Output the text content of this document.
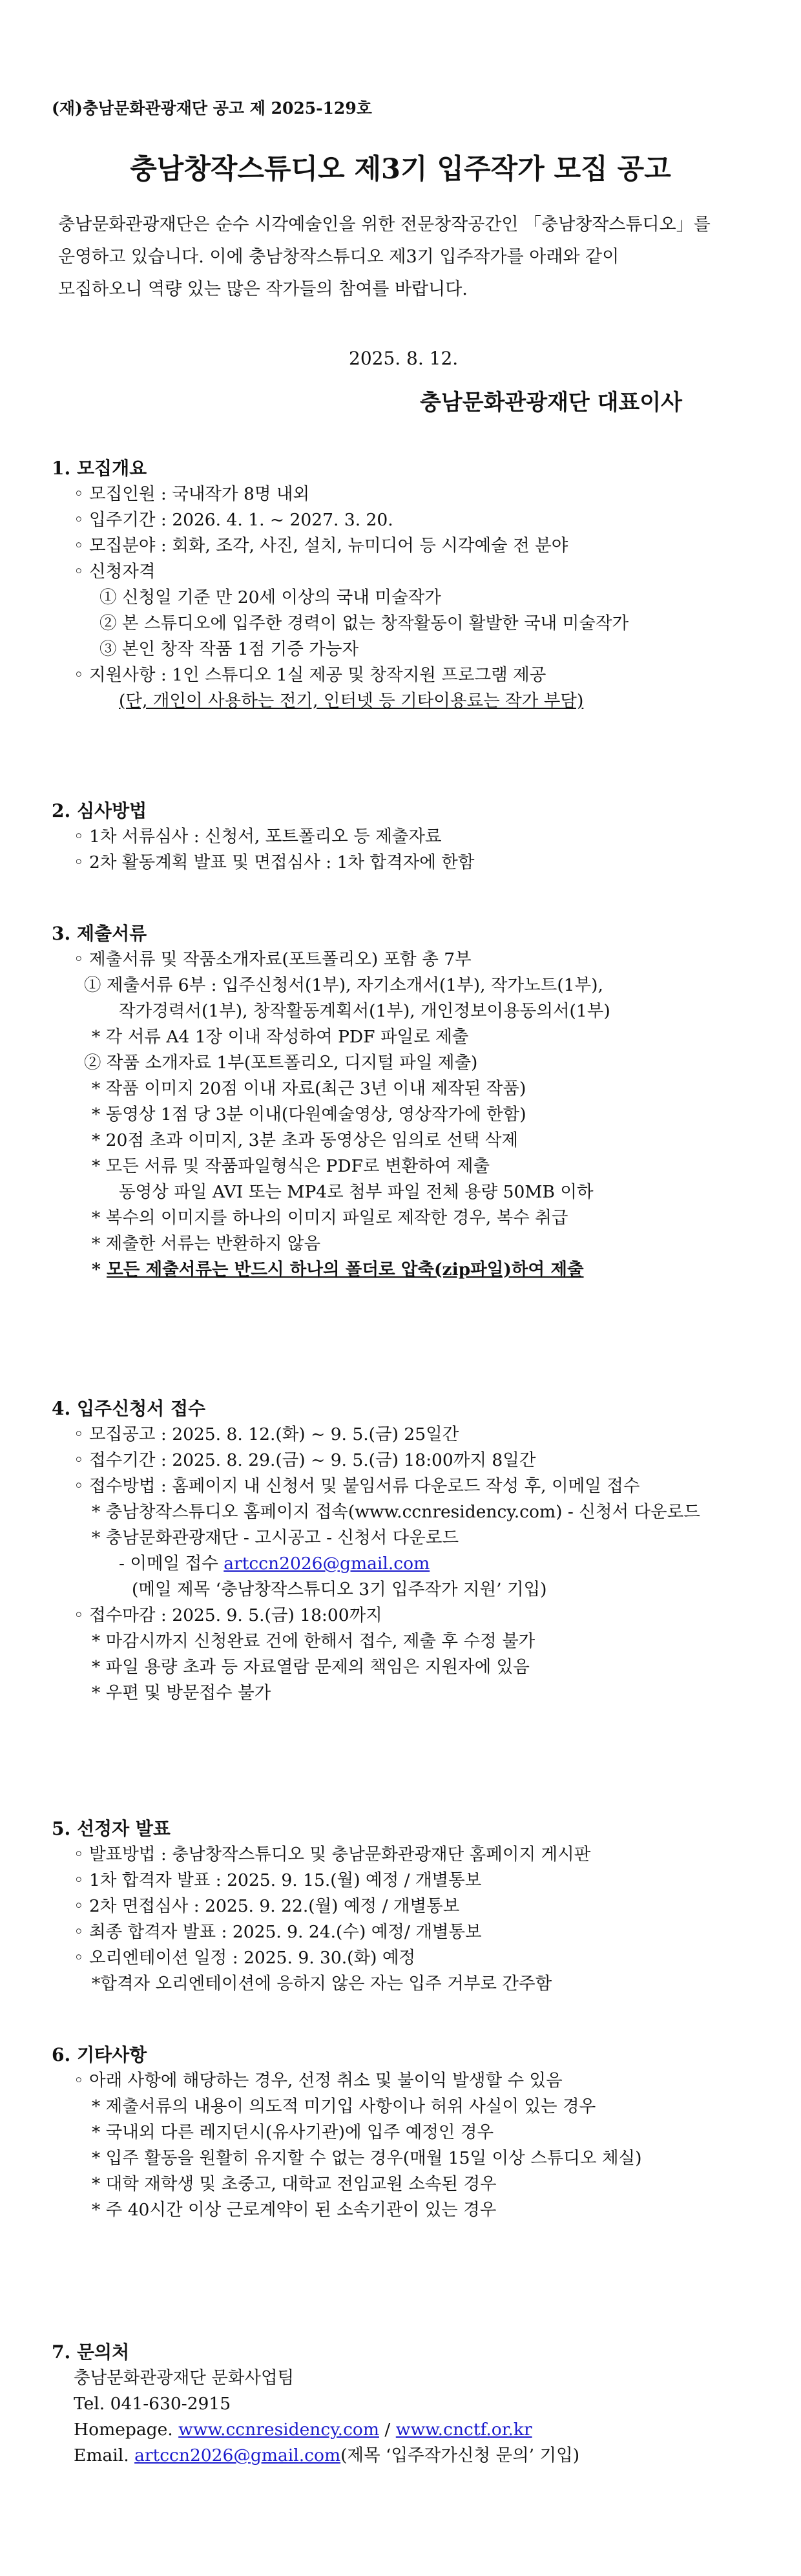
(재)충남문화관광재단 공고 제 2025-129호
충남창작스튜디오 제3기 입주작가 모집 공고
충남문화관광재단은 순수 시각예술인을 위한 전문창작공간인 「충남창작스튜디오」를
운영하고 있습니다. 이에 충남창작스튜디오 제3기 입주작가를 아래와 같이
모집하오니 역량 있는 많은 작가들의 참여를 바랍니다.
2025. 8. 12.
충남문화관광재단 대표이사
1. 모집개요
◦ 모집인원 : 국내작가 8명 내외
◦ 입주기간 : 2026. 4. 1. ~ 2027. 3. 20.
◦ 모집분야 : 회화, 조각, 사진, 설치, 뉴미디어 등 시각예술 전 분야
◦ 신청자격
① 신청일 기준 만 20세 이상의 국내 미술작가
② 본 스튜디오에 입주한 경력이 없는 창작활동이 활발한 국내 미술작가
③ 본인 창작 작품 1점 기증 가능자
◦ 지원사항 : 1인 스튜디오 1실 제공 및 창작지원 프로그램 제공
(단, 개인이 사용하는 전기, 인터넷 등 기타이용료는 작가 부담)
2. 심사방법
◦ 1차 서류심사 : 신청서, 포트폴리오 등 제출자료
◦ 2차 활동계획 발표 및 면접심사 : 1차 합격자에 한함
3. 제출서류
◦ 제출서류 및 작품소개자료(포트폴리오) 포함 총 7부
① 제출서류 6부 : 입주신청서(1부), 자기소개서(1부), 작가노트(1부),
작가경력서(1부), 창작활동계획서(1부), 개인정보이용동의서(1부)
* 각 서류 A4 1장 이내 작성하여 PDF 파일로 제출
② 작품 소개자료 1부(포트폴리오, 디지털 파일 제출)
* 작품 이미지 20점 이내 자료(최근 3년 이내 제작된 작품)
* 동영상 1점 당 3분 이내(다원예술영상, 영상작가에 한함)
* 20점 초과 이미지, 3분 초과 동영상은 임의로 선택 삭제
* 모든 서류 및 작품파일형식은 PDF로 변환하여 제출
동영상 파일 AVI 또는 MP4로 첨부 파일 전체 용량 50MB 이하
* 복수의 이미지를 하나의 이미지 파일로 제작한 경우, 복수 취급
* 제출한 서류는 반환하지 않음
* 모든 제출서류는 반드시 하나의 폴더로 압축(zip파일)하여 제출
4. 입주신청서 접수
◦ 모집공고 : 2025. 8. 12.(화) ~ 9. 5.(금) 25일간
◦ 접수기간 : 2025. 8. 29.(금) ~ 9. 5.(금) 18:00까지 8일간
◦ 접수방법 : 홈페이지 내 신청서 및 붙임서류 다운로드 작성 후, 이메일 접수
* 충남창작스튜디오 홈페이지 접속(www.ccnresidency.com) - 신청서 다운로드
* 충남문화관광재단 - 고시공고 - 신청서 다운로드
- 이메일 접수 artccn2026@gmail.com
(메일 제목 ‘충남창작스튜디오 3기 입주작가 지원’ 기입)
◦ 접수마감 : 2025. 9. 5.(금) 18:00까지
* 마감시까지 신청완료 건에 한해서 접수, 제출 후 수정 불가
* 파일 용량 초과 등 자료열람 문제의 책임은 지원자에 있음
* 우편 및 방문접수 불가
5. 선정자 발표
◦ 발표방법 : 충남창작스튜디오 및 충남문화관광재단 홈페이지 게시판
◦ 1차 합격자 발표 : 2025. 9. 15.(월) 예정 / 개별통보
◦ 2차 면접심사 : 2025. 9. 22.(월) 예정 / 개별통보
◦ 최종 합격자 발표 : 2025. 9. 24.(수) 예정/ 개별통보
◦ 오리엔테이션 일정 : 2025. 9. 30.(화) 예정
*합격자 오리엔테이션에 응하지 않은 자는 입주 거부로 간주함
6. 기타사항
◦ 아래 사항에 해당하는 경우, 선정 취소 및 불이익 발생할 수 있음
* 제출서류의 내용이 의도적 미기입 사항이나 허위 사실이 있는 경우
* 국내외 다른 레지던시(유사기관)에 입주 예정인 경우
* 입주 활동을 원활히 유지할 수 없는 경우(매월 15일 이상 스튜디오 체실)
* 대학 재학생 및 초중고, 대학교 전임교원 소속된 경우
* 주 40시간 이상 근로계약이 된 소속기관이 있는 경우
7. 문의처
충남문화관광재단 문화사업팀
Tel. 041-630-2915
Homepage. www.ccnresidency.com / www.cnctf.or.kr
Email. artccn2026@gmail.com(제목 ‘입주작가신청 문의’ 기입)
